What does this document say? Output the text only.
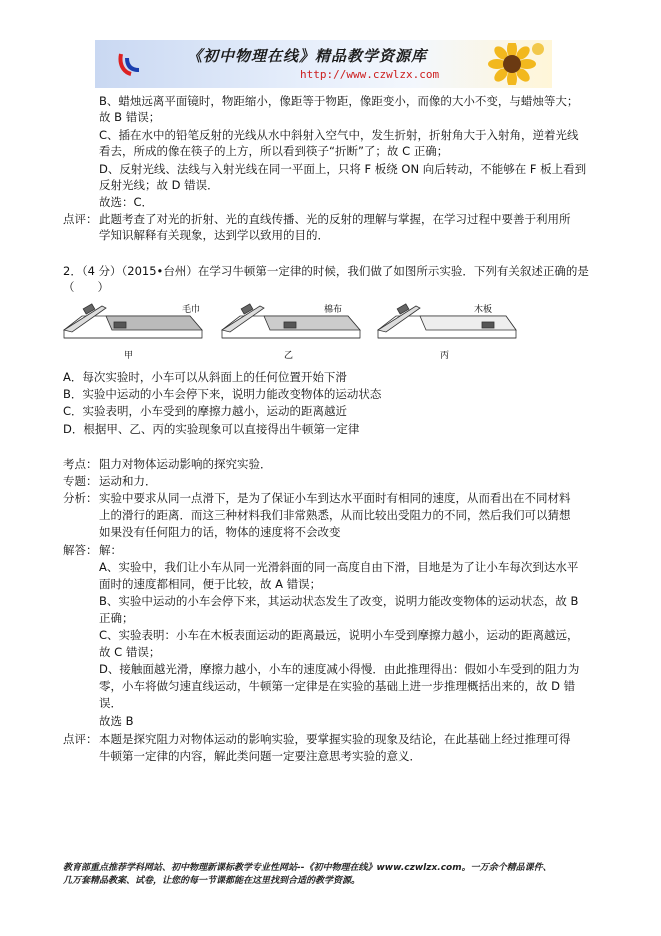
《初中物理在线》精品教学资源库
http://www.czwlzx.com
B、蜡烛远离平面镜时，物距缩小，像距等于物距，像距变小，而像的大小不变，与蜡烛等大；
故 B 错误；
C、插在水中的铅笔反射的光线从水中斜射入空气中，发生折射，折射角大于入射角，逆着光线
看去，所成的像在筷子的上方，所以看到筷子“折断”了；故 C 正确；
D、反射光线、法线与入射光线在同一平面上，只将 F 板绕 ON 向后转动，不能够在 F 板上看到
反射光线；故 D 错误．
故选：C．
点评： 此题考查了对光的折射、光的直线传播、光的反射的理解与掌握，在学习过程中要善于利用所
学知识解释有关现象，达到学以致用的目的．
2．（4 分）（2015•台州）在学习牛顿第一定律的时候，我们做了如图所示实验．下列有关叙述正确的是
（　　）
毛巾	棉布	木板
甲	乙	丙
A．每次实验时，小车可以从斜面上的任何位置开始下滑
B．实验中运动的小车会停下来，说明力能改变物体的运动状态
C．实验表明，小车受到的摩擦力越小，运动的距离越近
D．根据甲、乙、丙的实验现象可以直接得出牛顿第一定律
考点： 阻力对物体运动影响的探究实验．
专题： 运动和力．
分析： 实验中要求从同一点滑下，是为了保证小车到达水平面时有相同的速度，从而看出在不同材料
上的滑行的距离．而这三种材料我们非常熟悉，从而比较出受阻力的不同，然后我们可以猜想
如果没有任何阻力的话，物体的速度将不会改变
解答： 解：
A、实验中，我们让小车从同一光滑斜面的同一高度自由下滑，目地是为了让小车每次到达水平
面时的速度都相同，便于比较，故 A 错误；
B、实验中运动的小车会停下来，其运动状态发生了改变，说明力能改变物体的运动状态，故 B
正确；
C、实验表明：小车在木板表面运动的距离最远，说明小车受到摩擦力越小，运动的距离越远，
故 C 错误；
D、接触面越光滑，摩擦力越小，小车的速度减小得慢．由此推理得出：假如小车受到的阻力为
零，小车将做匀速直线运动，牛顿第一定律是在实验的基础上进一步推理概括出来的，故 D 错
误．
故选 B
点评： 本题是探究阻力对物体运动的影响实验，要掌握实验的现象及结论，在此基础上经过推理可得
牛顿第一定律的内容，解此类问题一定要注意思考实验的意义．
教育部重点推荐学科网站、初中物理新课标教学专业性网站--《初中物理在线》www.czwlzx.com。一万余个精品课件、
几万套精品教案、试卷，让您的每一节课都能在这里找到合适的教学资源。
